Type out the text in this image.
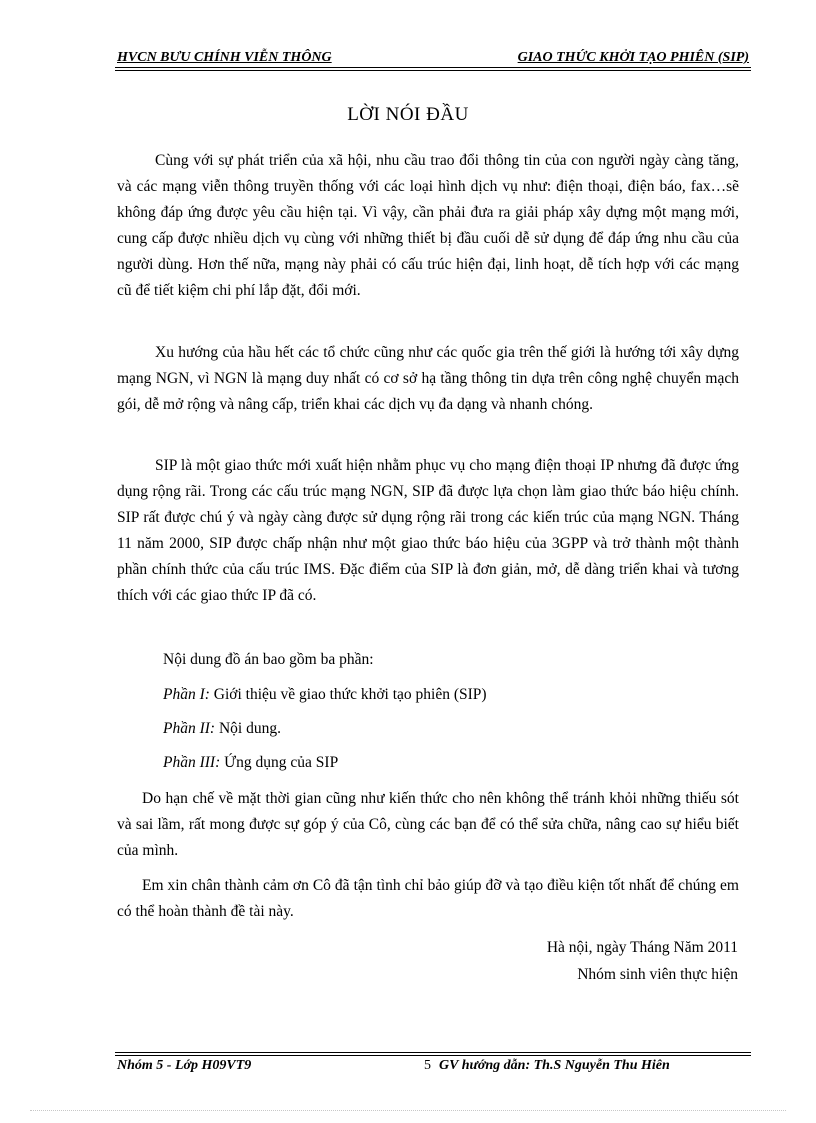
HVCN BƯU CHÍNH VIỄN THÔNG	GIAO THỨC KHỞI TẠO PHIÊN (SIP)
LỜI NÓI ĐẦU

Cùng với sự phát triển của xã hội, nhu cầu trao đổi thông tin của con người ngày càng tăng, và các mạng viễn thông truyền thống với các loại hình dịch vụ như: điện thoại, điện báo, fax…sẽ không đáp ứng được yêu cầu hiện tại. Vì vậy, cần phải đưa ra giải pháp xây dựng một mạng mới, cung cấp được nhiều dịch vụ cùng với những thiết bị đầu cuối dễ sử dụng để đáp ứng nhu cầu của người dùng. Hơn thế nữa, mạng này phải có cấu trúc hiện đại, linh hoạt, dễ tích hợp với các mạng cũ để tiết kiệm chi phí lắp đặt, đổi mới.

Xu hướng của hầu hết các tổ chức cũng như các quốc gia trên thế giới là hướng tới xây dựng mạng NGN, vì NGN là mạng duy nhất có cơ sở hạ tầng thông tin dựa trên công nghệ chuyển mạch gói, dễ mở rộng và nâng cấp, triển khai các dịch vụ đa dạng và nhanh chóng.

SIP là một giao thức mới xuất hiện nhằm phục vụ cho mạng điện thoại IP nhưng đã được ứng dụng rộng rãi. Trong các cấu trúc mạng NGN, SIP đã được lựa chọn làm giao thức báo hiệu chính. SIP rất được chú ý và ngày càng được sử dụng rộng rãi trong các kiến trúc của mạng NGN. Tháng 11 năm 2000, SIP được chấp nhận như một giao thức báo hiệu của 3GPP và trở thành một thành phần chính thức của cấu trúc IMS. Đặc điểm của SIP là đơn giản, mở, dễ dàng triển khai và tương thích với các giao thức IP đã có.

Nội dung đồ án bao gồm ba phần:
Phần I: Giới thiệu về giao thức khởi tạo phiên (SIP)
Phần II: Nội dung.
Phần III: Ứng dụng của SIP

Do hạn chế về mặt thời gian cũng như kiến thức cho nên không thể tránh khỏi những thiếu sót và sai lầm, rất mong được sự góp ý của Cô, cùng các bạn để có thể sửa chữa, nâng cao sự hiểu biết của mình.

Em xin chân thành cảm ơn Cô đã tận tình chỉ bảo giúp đỡ và tạo điều kiện tốt nhất để chúng em có thể hoàn thành đề tài này.

Hà nội, ngày Tháng Năm 2011
Nhóm sinh viên thực hiện
Nhóm 5 - Lớp H09VT9	5 GV hướng dẫn: Th.S Nguyễn Thu Hiên
